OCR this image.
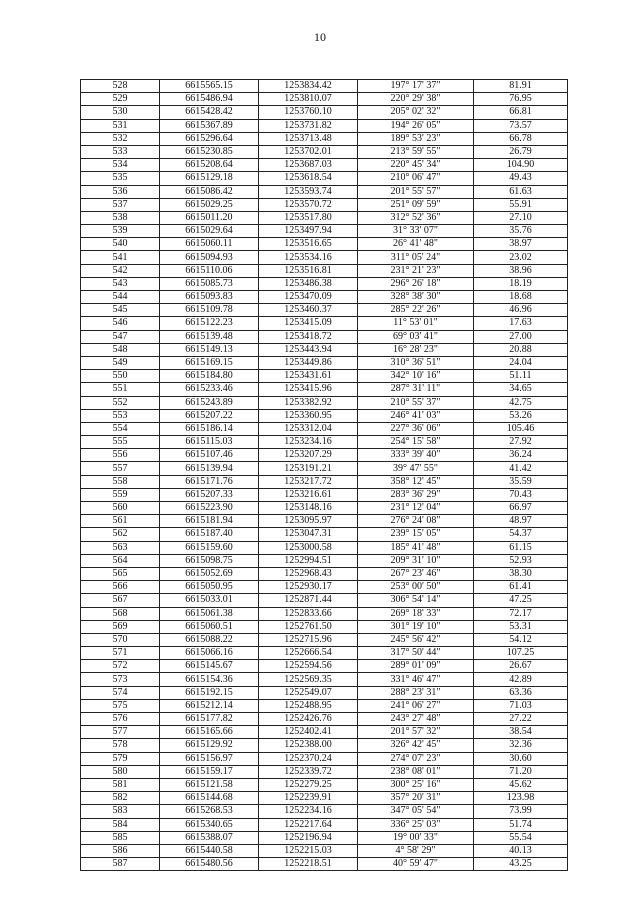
10
528	6615565.15	1253834.42	197° 17' 37"	81.91
529	6615486.94	1253810.07	220° 29' 38"	76.95
530	6615428.42	1253760.10	205° 02' 32"	66.81
531	6615367.89	1253731.82	194° 26' 05"	73.57
532	6615296.64	1253713.48	189° 53' 23"	66.78
533	6615230.85	1253702.01	213° 59' 55"	26.79
534	6615208.64	1253687.03	220° 45' 34"	104.90
535	6615129.18	1253618.54	210° 06' 47"	49.43
536	6615086.42	1253593.74	201° 55' 57"	61.63
537	6615029.25	1253570.72	251° 09' 59"	55.91
538	6615011.20	1253517.80	312° 52' 36"	27.10
539	6615029.64	1253497.94	31° 33' 07"	35.76
540	6615060.11	1253516.65	26° 41' 48"	38.97
541	6615094.93	1253534.16	311° 05' 24"	23.02
542	6615110.06	1253516.81	231° 21' 23"	38.96
543	6615085.73	1253486.38	296° 26' 18"	18.19
544	6615093.83	1253470.09	328° 38' 30"	18.68
545	6615109.78	1253460.37	285° 22' 26"	46.96
546	6615122.23	1253415.09	11° 53' 01"	17.63
547	6615139.48	1253418.72	69° 03' 41"	27.00
548	6615149.13	1253443.94	16° 28' 23"	20.88
549	6615169.15	1253449.86	310° 36' 51"	24.04
550	6615184.80	1253431.61	342° 10' 16"	51.11
551	6615233.46	1253415.96	287° 31' 11"	34.65
552	6615243.89	1253382.92	210° 55' 37"	42.75
553	6615207.22	1253360.95	246° 41' 03"	53.26
554	6615186.14	1253312.04	227° 36' 06"	105.46
555	6615115.03	1253234.16	254° 15' 58"	27.92
556	6615107.46	1253207.29	333° 39' 40"	36.24
557	6615139.94	1253191.21	39° 47' 55"	41.42
558	6615171.76	1253217.72	358° 12' 45"	35.59
559	6615207.33	1253216.61	283° 36' 29"	70.43
560	6615223.90	1253148.16	231° 12' 04"	66.97
561	6615181.94	1253095.97	276° 24' 08"	48.97
562	6615187.40	1253047.31	239° 15' 05"	54.37
563	6615159.60	1253000.58	185° 41' 48"	61.15
564	6615098.75	1252994.51	209° 31' 10"	52.93
565	6615052.69	1252968.43	267° 23' 46"	38.30
566	6615050.95	1252930.17	253° 00' 50"	61.41
567	6615033.01	1252871.44	306° 54' 14"	47.25
568	6615061.38	1252833.66	269° 18' 33"	72.17
569	6615060.51	1252761.50	301° 19' 10"	53.31
570	6615088.22	1252715.96	245° 56' 42"	54.12
571	6615066.16	1252666.54	317° 50' 44"	107.25
572	6615145.67	1252594.56	289° 01' 09"	26.67
573	6615154.36	1252569.35	331° 46' 47"	42.89
574	6615192.15	1252549.07	288° 23' 31"	63.36
575	6615212.14	1252488.95	241° 06' 27"	71.03
576	6615177.82	1252426.76	243° 27' 48"	27.22
577	6615165.66	1252402.41	201° 57' 32"	38.54
578	6615129.92	1252388.00	326° 42' 45"	32.36
579	6615156.97	1252370.24	274° 07' 23"	30.60
580	6615159.17	1252339.72	238° 08' 01"	71.20
581	6615121.58	1252279.25	300° 25' 16"	45.62
582	6615144.68	1252239.91	357° 20' 31"	123.98
583	6615268.53	1252234.16	347° 05' 54"	73.99
584	6615340.65	1252217.64	336° 25' 03"	51.74
585	6615388.07	1252196.94	19° 00' 33"	55.54
586	6615440.58	1252215.03	4° 58' 29"	40.13
587	6615480.56	1252218.51	40° 59' 47"	43.25
